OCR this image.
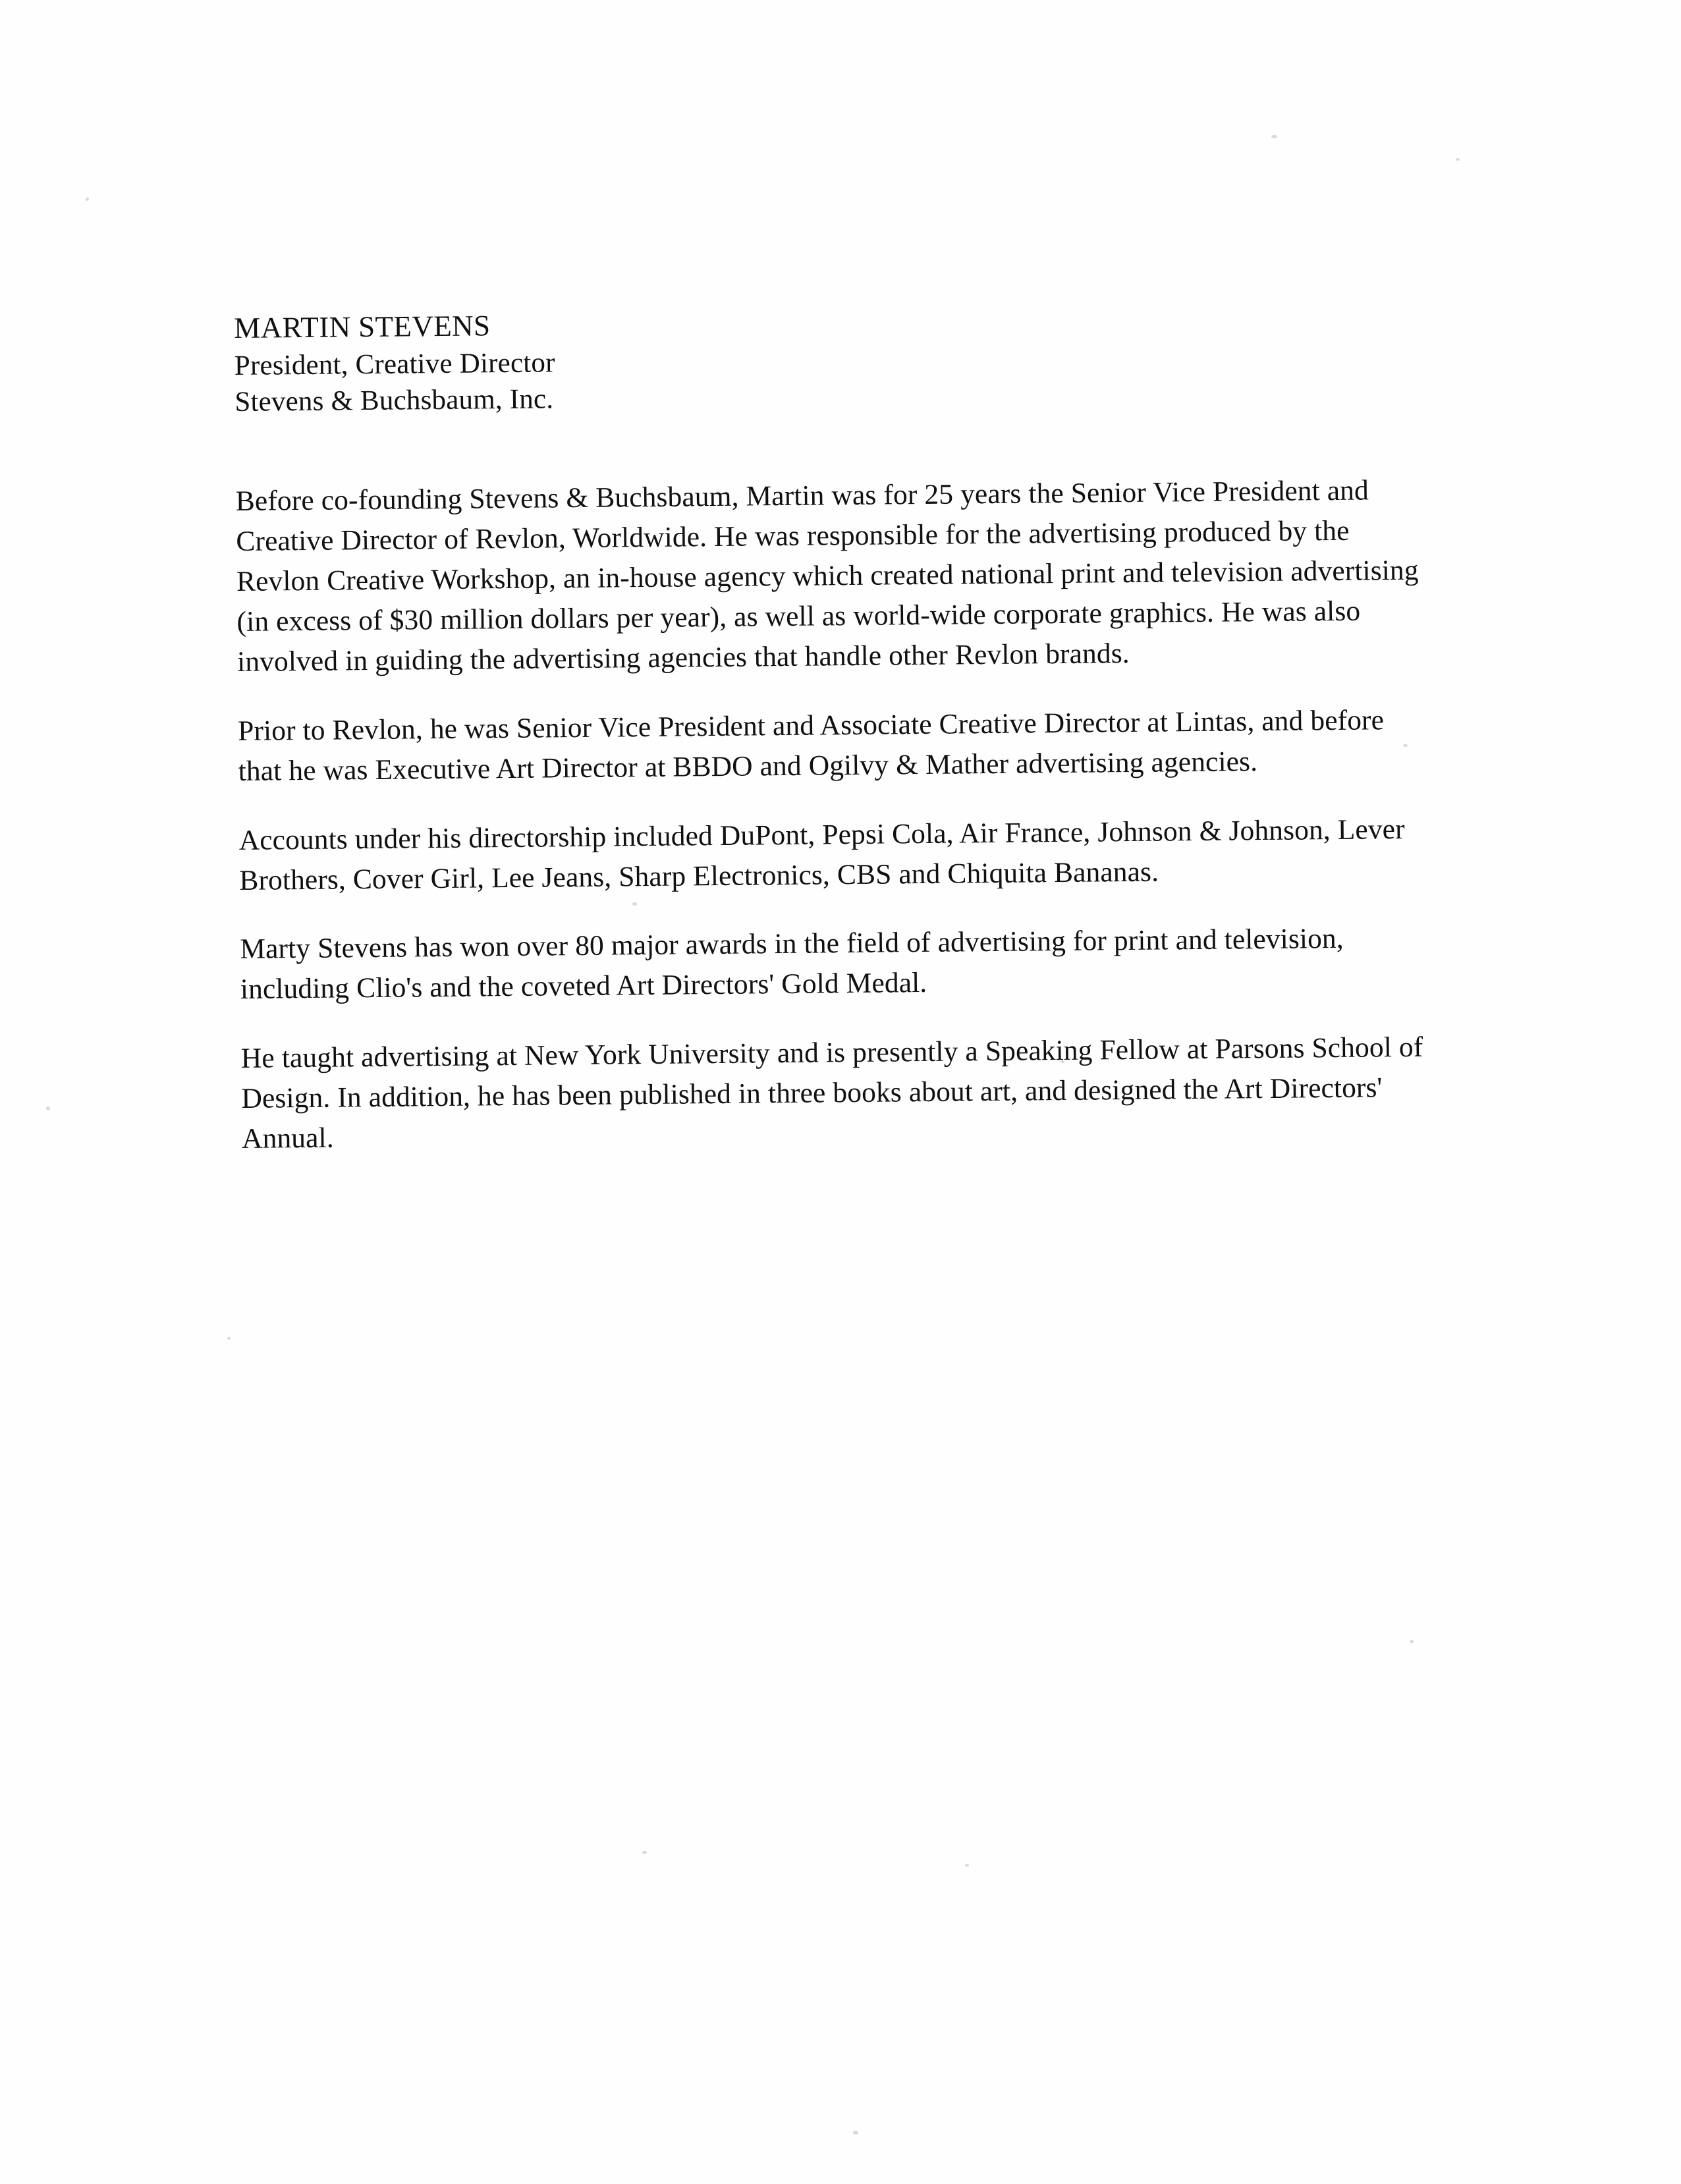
MARTIN STEVENS

President, Creative Director

Stevens & Buchsbaum, Inc.

Before co-founding Stevens & Buchsbaum, Martin was for 25 years the Senior Vice President and Creative Director of Revlon, Worldwide. He was responsible for the advertising produced by the Revlon Creative Workshop, an in-house agency which created national print and television advertising (in excess of $30 million dollars per year), as well as world-wide corporate graphics. He was also involved in guiding the advertising agencies that handle other Revlon brands.

Prior to Revlon, he was Senior Vice President and Associate Creative Director at Lintas, and before that he was Executive Art Director at BBDO and Ogilvy & Mather advertising agencies.

Accounts under his directorship included DuPont, Pepsi Cola, Air France, Johnson & Johnson, Lever Brothers, Cover Girl, Lee Jeans, Sharp Electronics, CBS and Chiquita Bananas.

Marty Stevens has won over 80 major awards in the field of advertising for print and television, including Clio's and the coveted Art Directors' Gold Medal.

He taught advertising at New York University and is presently a Speaking Fellow at Parsons School of Design. In addition, he has been published in three books about art, and designed the Art Directors' Annual.
